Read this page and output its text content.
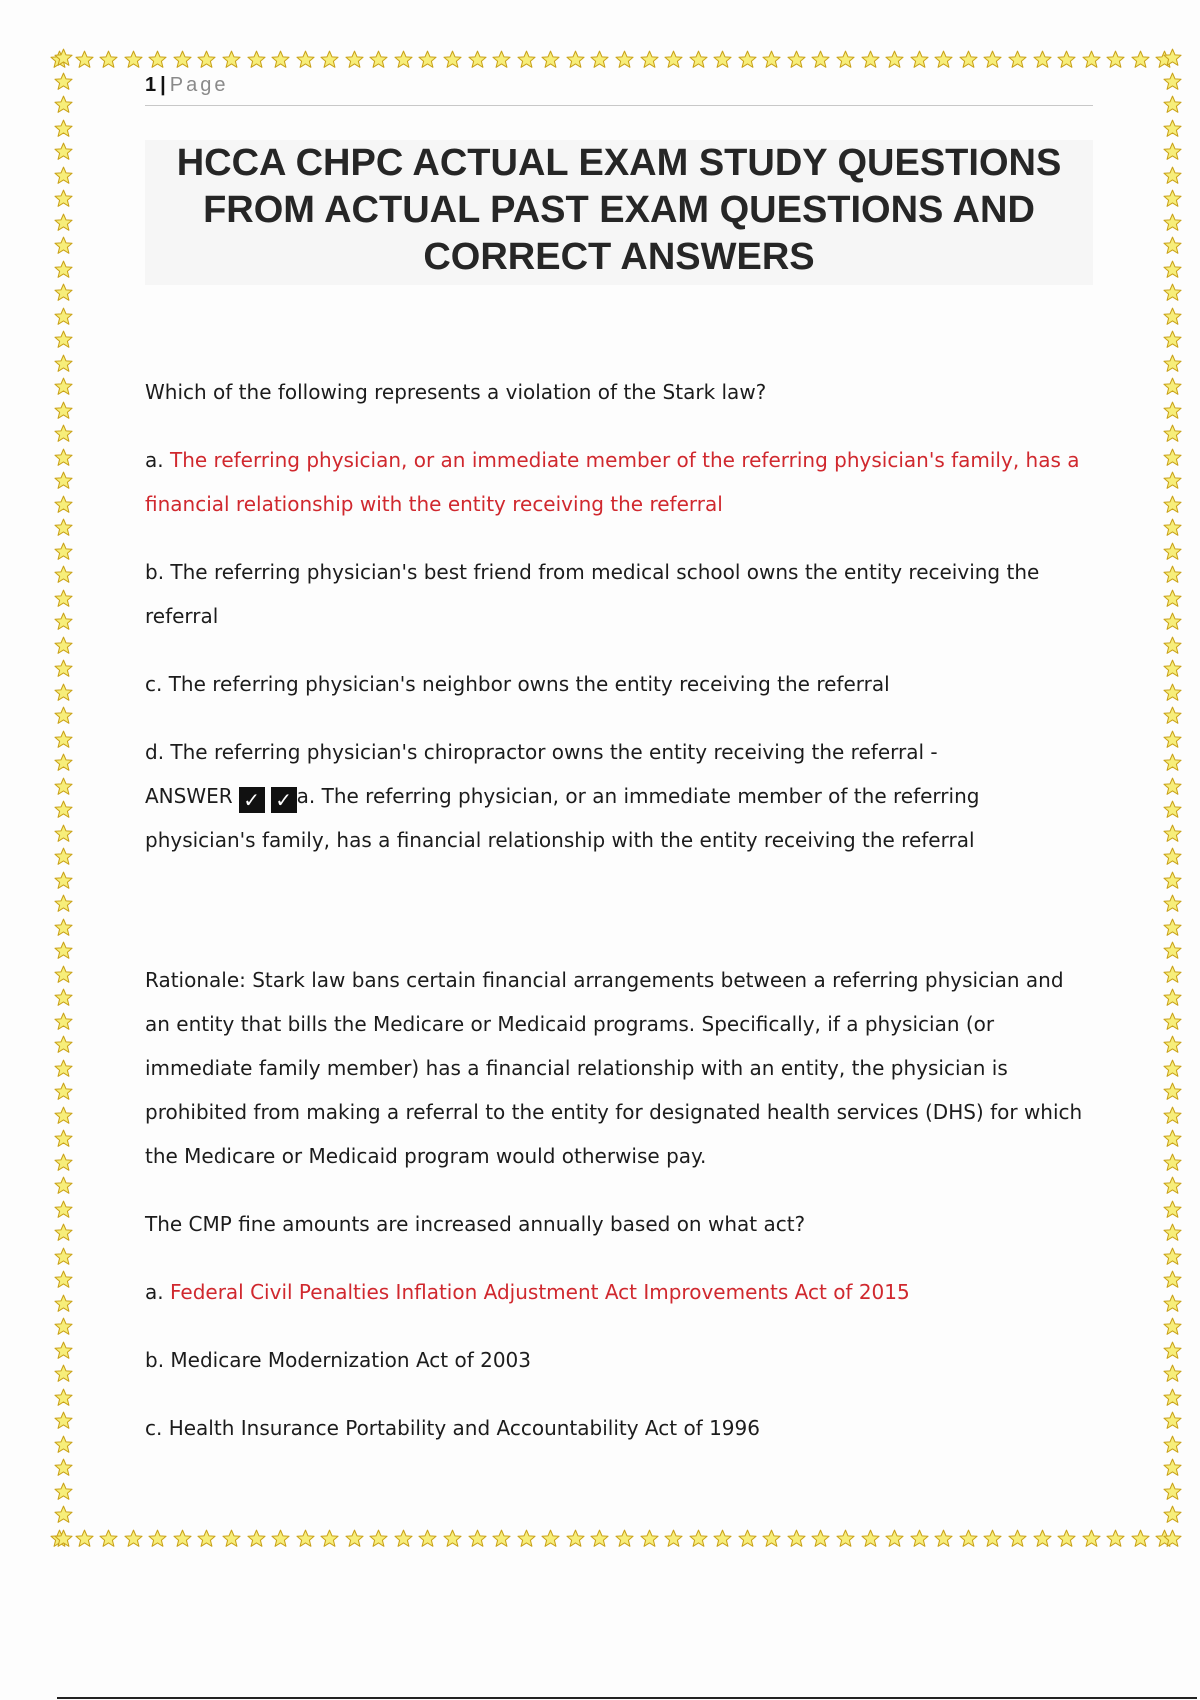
1 | Page
HCCA CHPC ACTUAL EXAM STUDY QUESTIONS
FROM ACTUAL PAST EXAM QUESTIONS AND
CORRECT ANSWERS

Which of the following represents a violation of the Stark law?

a. The referring physician, or an immediate member of the referring physician's family, has a financial relationship with the entity receiving the referral

b. The referring physician's best friend from medical school owns the entity receiving the referral

c. The referring physician's neighbor owns the entity receiving the referral

d. The referring physician's chiropractor owns the entity receiving the referral -

ANSWER ✓ ✓ a. The referring physician, or an immediate member of the referring physician's family, has a financial relationship with the entity receiving the referral

Rationale: Stark law bans certain financial arrangements between a referring physician and an entity that bills the Medicare or Medicaid programs. Specifically, if a physician (or immediate family member) has a financial relationship with an entity, the physician is prohibited from making a referral to the entity for designated health services (DHS) for which the Medicare or Medicaid program would otherwise pay.

The CMP fine amounts are increased annually based on what act?

a. Federal Civil Penalties Inflation Adjustment Act Improvements Act of 2015

b. Medicare Modernization Act of 2003

c. Health Insurance Portability and Accountability Act of 1996
